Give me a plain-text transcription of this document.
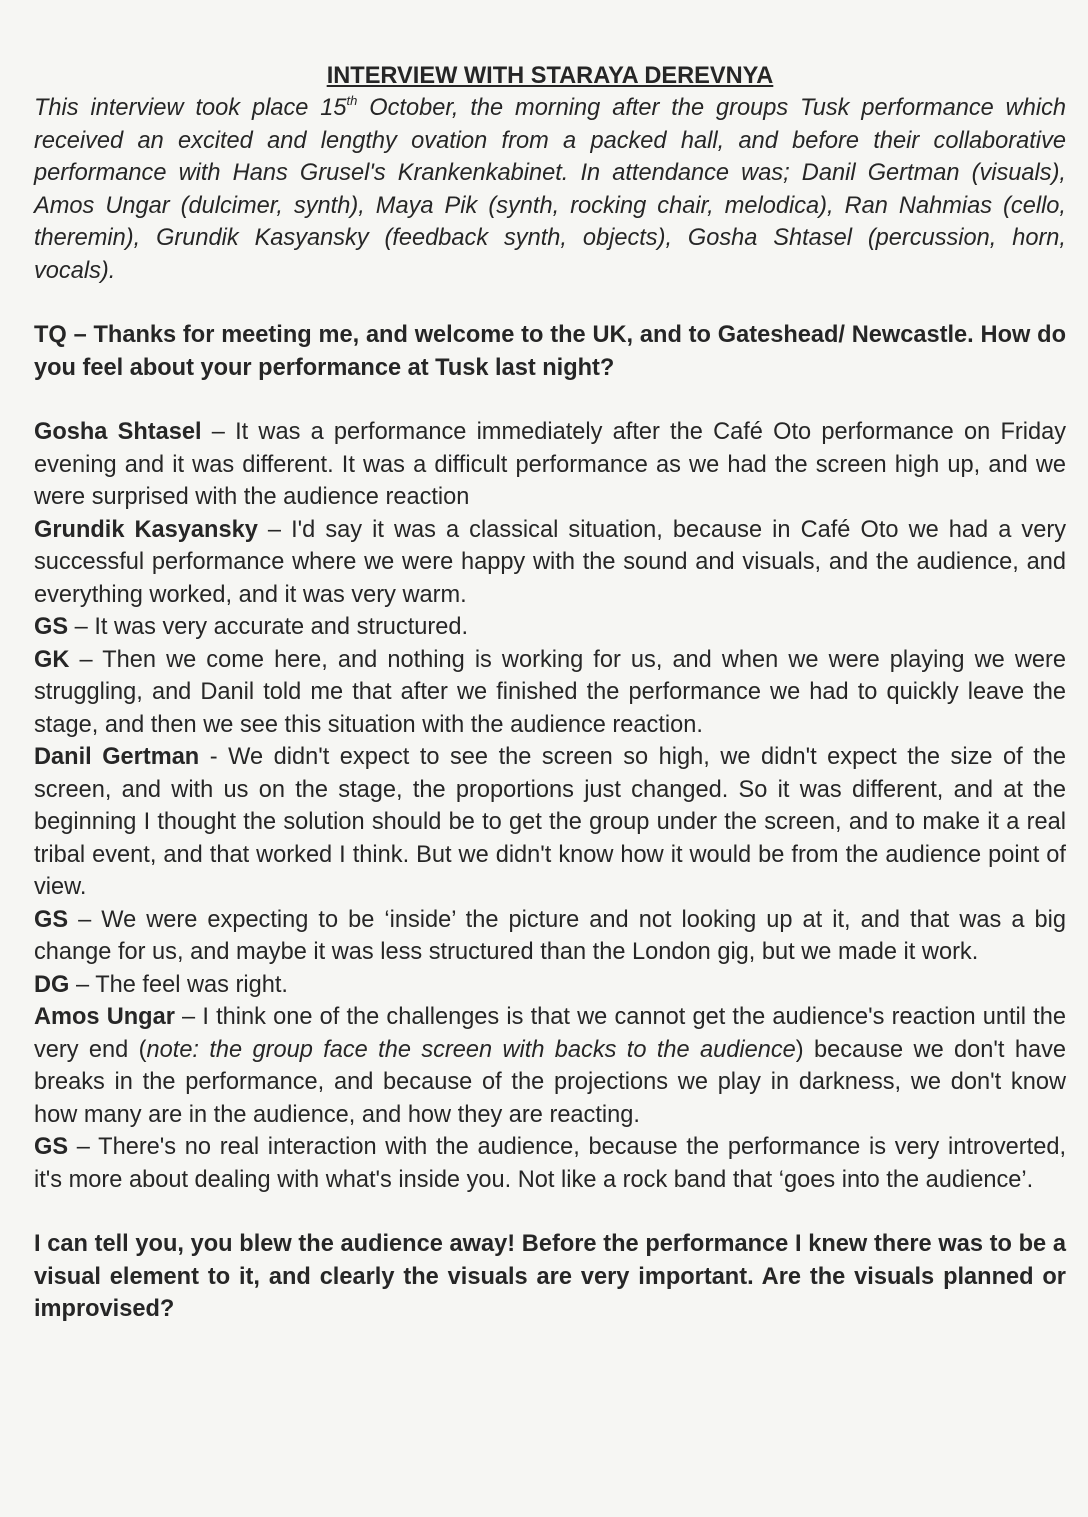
INTERVIEW WITH STARAYA DEREVNYA

This interview took place 15th October, the morning after the groups Tusk performance which received an excited and lengthy ovation from a packed hall, and before their collaborative performance with Hans Grusel's Krankenkabinet. In attendance was; Danil Gertman (visuals), Amos Ungar (dulcimer, synth), Maya Pik (synth, rocking chair, melodica), Ran Nahmias (cello, theremin), Grundik Kasyansky (feedback synth, objects), Gosha Shtasel (percussion, horn, vocals).

TQ – Thanks for meeting me, and welcome to the UK, and to Gateshead/ Newcastle. How do you feel about your performance at Tusk last night?

Gosha Shtasel – It was a performance immediately after the Café Oto performance on Friday evening and it was different. It was a difficult performance as we had the screen high up, and we were surprised with the audience reaction

Grundik Kasyansky – I'd say it was a classical situation, because in Café Oto we had a very successful performance where we were happy with the sound and visuals, and the audience, and everything worked, and it was very warm.

GS – It was very accurate and structured.

GK – Then we come here, and nothing is working for us, and when we were playing we were struggling, and Danil told me that after we finished the performance we had to quickly leave the stage, and then we see this situation with the audience reaction.

Danil Gertman - We didn't expect to see the screen so high, we didn't expect the size of the screen, and with us on the stage, the proportions just changed. So it was different, and at the beginning I thought the solution should be to get the group under the screen, and to make it a real tribal event, and that worked I think. But we didn't know how it would be from the audience point of view.

GS – We were expecting to be ‘inside’ the picture and not looking up at it, and that was a big change for us, and maybe it was less structured than the London gig, but we made it work.

DG – The feel was right.

Amos Ungar – I think one of the challenges is that we cannot get the audience's reaction until the very end (note: the group face the screen with backs to the audience) because we don't have breaks in the performance, and because of the projections we play in darkness, we don't know how many are in the audience, and how they are reacting.

GS – There's no real interaction with the audience, because the performance is very introverted, it's more about dealing with what's inside you. Not like a rock band that ‘goes into the audience’.

I can tell you, you blew the audience away! Before the performance I knew there was to be a visual element to it, and clearly the visuals are very important. Are the visuals planned or improvised?
